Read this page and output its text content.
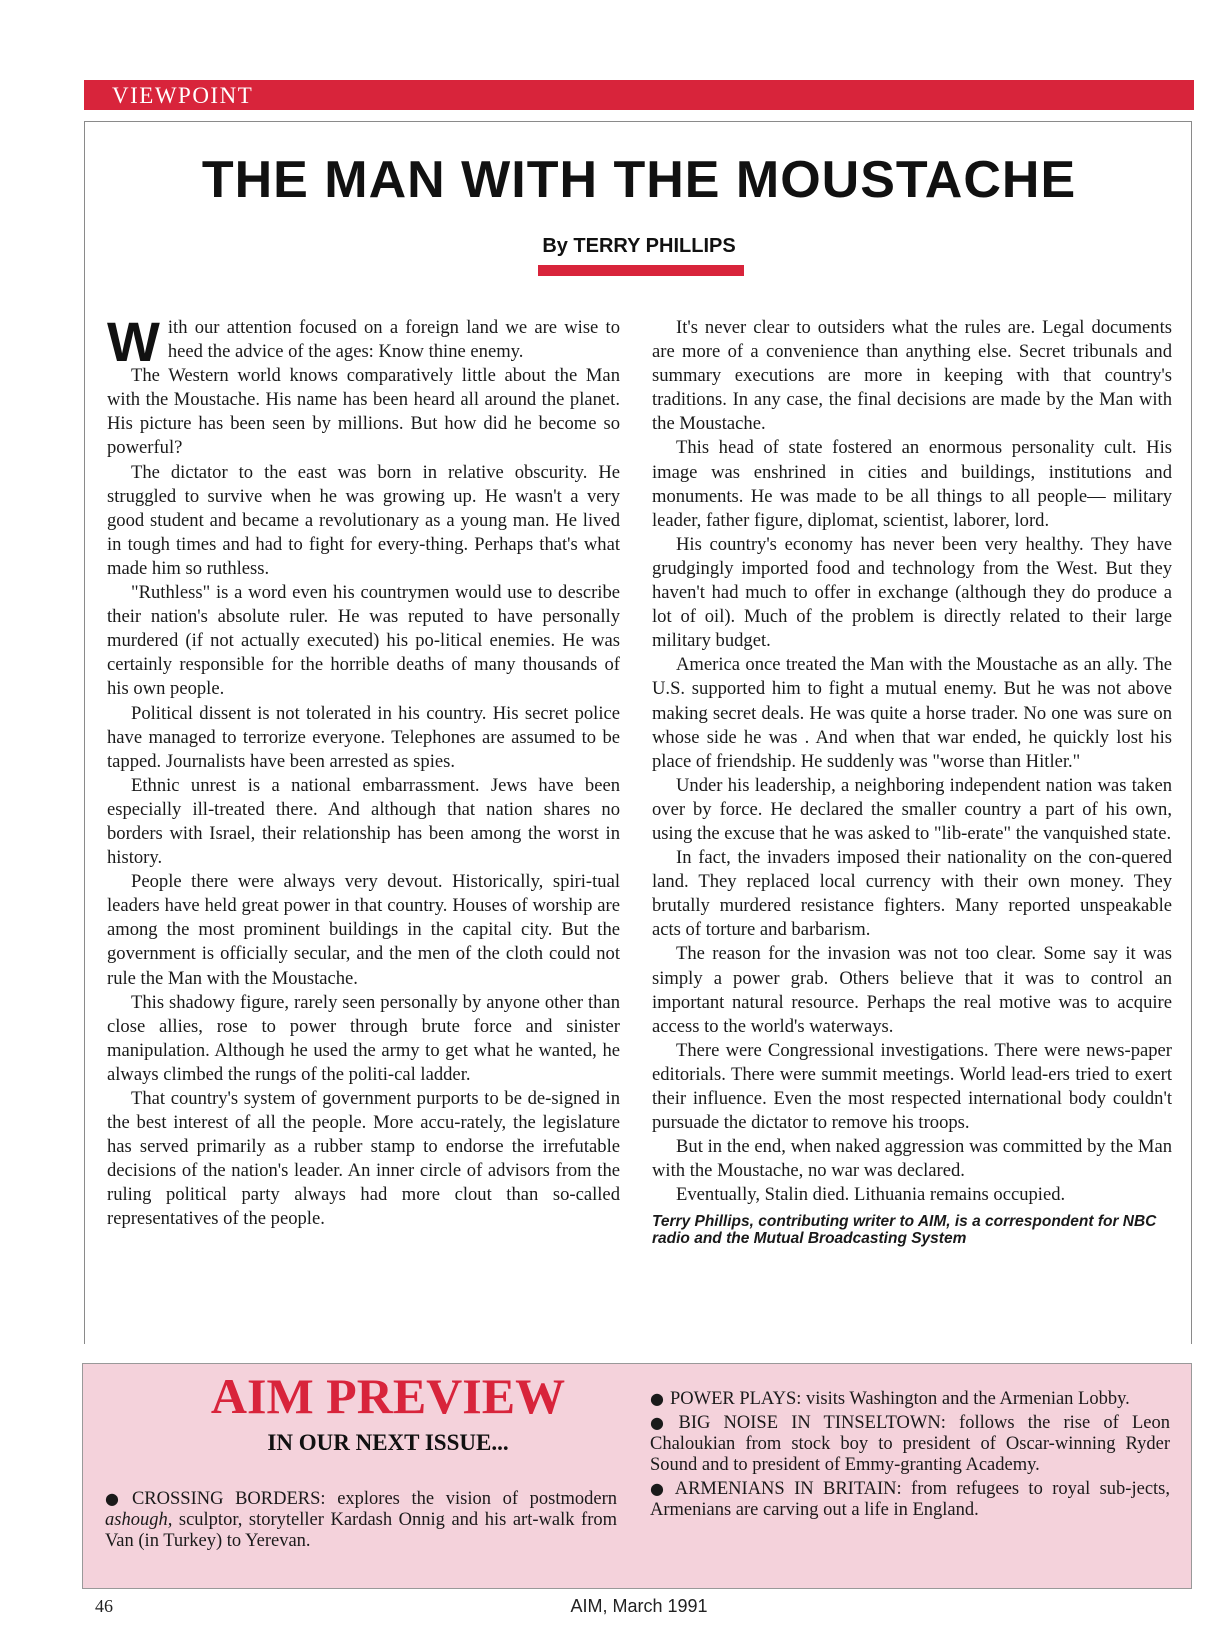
VIEWPOINT
THE MAN WITH THE MOUSTACHE
By TERRY PHILLIPS

With our attention focused on a foreign land we are wise to heed the advice of the ages: Know thine enemy.

The Western world knows comparatively little about the Man with the Moustache. His name has been heard all around the planet. His picture has been seen by millions. But how did he become so powerful?

The dictator to the east was born in relative obscurity. He struggled to survive when he was growing up. He wasn't a very good student and became a revolutionary as a young man. He lived in tough times and had to fight for every-thing. Perhaps that's what made him so ruthless.

"Ruthless" is a word even his countrymen would use to describe their nation's absolute ruler. He was reputed to have personally murdered (if not actually executed) his po-litical enemies. He was certainly responsible for the horrible deaths of many thousands of his own people.

Political dissent is not tolerated in his country. His secret police have managed to terrorize everyone. Telephones are assumed to be tapped. Journalists have been arrested as spies.

Ethnic unrest is a national embarrassment. Jews have been especially ill-treated there. And although that nation shares no borders with Israel, their relationship has been among the worst in history.

People there were always very devout. Historically, spiri-tual leaders have held great power in that country. Houses of worship are among the most prominent buildings in the capital city. But the government is officially secular, and the men of the cloth could not rule the Man with the Moustache.

This shadowy figure, rarely seen personally by anyone other than close allies, rose to power through brute force and sinister manipulation. Although he used the army to get what he wanted, he always climbed the rungs of the politi-cal ladder.

That country's system of government purports to be de-signed in the best interest of all the people. More accu-rately, the legislature has served primarily as a rubber stamp to endorse the irrefutable decisions of the nation's leader. An inner circle of advisors from the ruling political party always had more clout than so-called representatives of the people.

It's never clear to outsiders what the rules are. Legal documents are more of a convenience than anything else. Secret tribunals and summary executions are more in keeping with that country's traditions. In any case, the final decisions are made by the Man with the Moustache.

This head of state fostered an enormous personality cult. His image was enshrined in cities and buildings, institutions and monuments. He was made to be all things to all people— military leader, father figure, diplomat, scientist, laborer, lord.

His country's economy has never been very healthy. They have grudgingly imported food and technology from the West. But they haven't had much to offer in exchange (although they do produce a lot of oil). Much of the problem is directly related to their large military budget.

America once treated the Man with the Moustache as an ally. The U.S. supported him to fight a mutual enemy. But he was not above making secret deals. He was quite a horse trader. No one was sure on whose side he was . And when that war ended, he quickly lost his place of friendship. He suddenly was "worse than Hitler."

Under his leadership, a neighboring independent nation was taken over by force. He declared the smaller country a part of his own, using the excuse that he was asked to "lib-erate" the vanquished state.

In fact, the invaders imposed their nationality on the con-quered land. They replaced local currency with their own money. They brutally murdered resistance fighters. Many reported unspeakable acts of torture and barbarism.

The reason for the invasion was not too clear. Some say it was simply a power grab. Others believe that it was to control an important natural resource. Perhaps the real motive was to acquire access to the world's waterways.

There were Congressional investigations. There were news-paper editorials. There were summit meetings. World lead-ers tried to exert their influence. Even the most respected international body couldn't pursuade the dictator to remove his troops.

But in the end, when naked aggression was committed by the Man with the Moustache, no war was declared.

Eventually, Stalin died. Lithuania remains occupied.

Terry Phillips, contributing writer to AIM, is a correspondent for NBC radio and the Mutual Broadcasting System
AIM PREVIEW
IN OUR NEXT ISSUE...

● CROSSING BORDERS: explores the vision of postmodern ashough, sculptor, storyteller Kardash Onnig and his art-walk from Van (in Turkey) to Yerevan.

● POWER PLAYS: visits Washington and the Armenian Lobby.

● BIG NOISE IN TINSELTOWN: follows the rise of Leon Chaloukian from stock boy to president of Oscar-winning Ryder Sound and to president of Emmy-granting Academy.

● ARMENIANS IN BRITAIN: from refugees to royal sub-jects, Armenians are carving out a life in England.

46	AIM, March 1991
